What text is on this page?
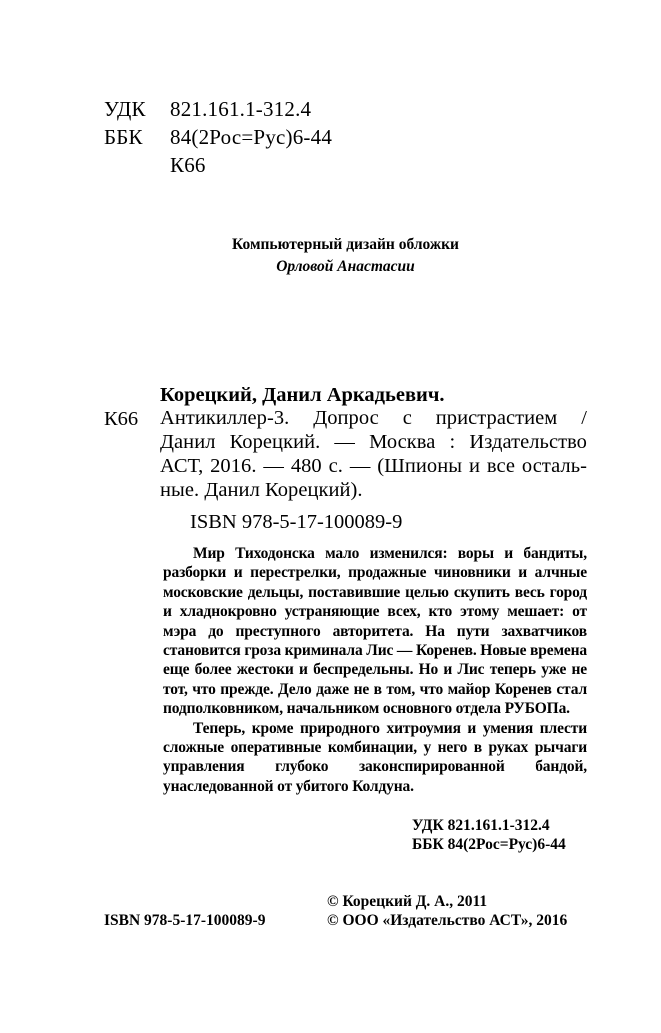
УДК 821.161.1-312.4
ББК 84(2Рос=Рус)6-44
К66
Компьютерный дизайн обложки
Орловой Анастасии
Корецкий, Данил Аркадьевич.
К66 Антикиллер-3. Допрос с пристрастием /
Данил Корецкий. — Москва : Издательство
АСТ, 2016. — 480 с. — (Шпионы и все осталь-
ные. Данил Корецкий).
ISBN 978-5-17-100089-9

Мир Тиходонска мало изменился: воры и бандиты, разборки и перестрелки, продажные чиновники и алчные московские дельцы, поставившие целью скупить весь город и хладнокровно устраняющие всех, кто этому мешает: от мэра до преступного авторитета. На пути захватчиков становится гроза криминала Лис — Коренев. Новые времена еще более жестоки и беспредельны. Но и Лис теперь уже не тот, что прежде. Дело даже не в том, что майор Коренев стал подполковником, начальником основного отдела РУБОПа.

Теперь, кроме природного хитроумия и умения плести сложные оперативные комбинации, у него в руках рычаги управления глубоко законспирированной бандой, унаследованной от убитого Колдуна.

УДК 821.161.1-312.4
ББК 84(2Рос=Рус)6-44
© Корецкий Д. А., 2011
ISBN 978-5-17-100089-9	© ООО «Издательство АСТ», 2016
